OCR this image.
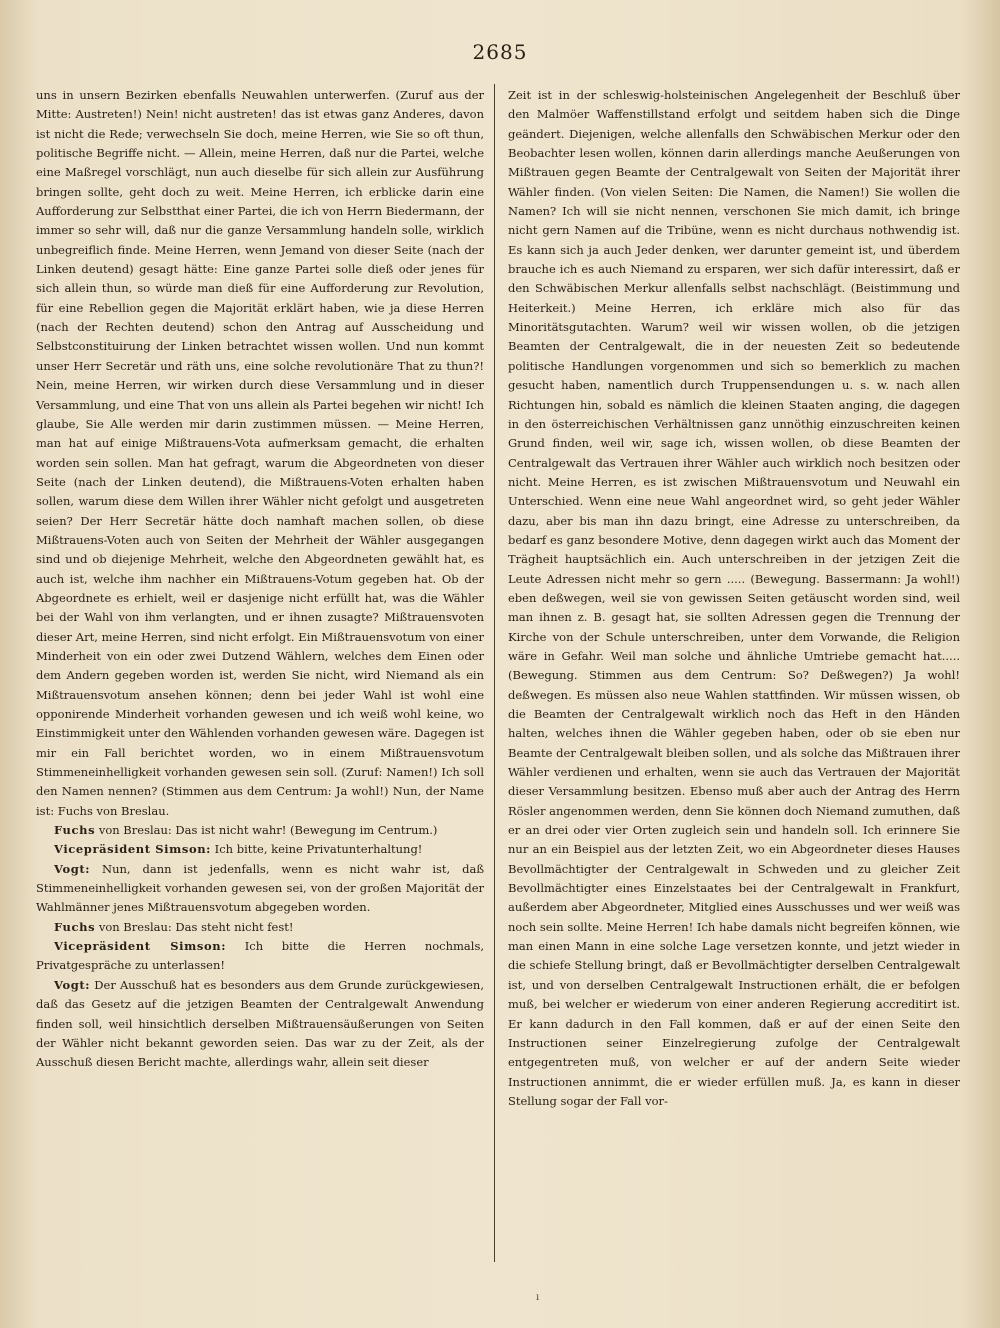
2685

uns in unsern Bezirken ebenfalls Neuwahlen unterwerfen. (Zuruf aus der Mitte: Austreten!) Nein! nicht austreten! das ist etwas ganz Anderes, davon ist nicht die Rede; verwechseln Sie doch, meine Herren, wie Sie so oft thun, politische Begriffe nicht. — Allein, meine Herren, daß nur die Partei, welche eine Maßregel vorschlägt, nun auch dieselbe für sich allein zur Ausführung bringen sollte, geht doch zu weit. Meine Herren, ich erblicke darin eine Aufforderung zur Selbstthat einer Partei, die ich von Herrn Biedermann, der immer so sehr will, daß nur die ganze Versammlung handeln solle, wirklich unbegreiflich finde. Meine Herren, wenn Jemand von dieser Seite (nach der Linken deutend) gesagt hätte: Eine ganze Partei solle dieß oder jenes für sich allein thun, so würde man dieß für eine Aufforderung zur Revolution, für eine Rebellion gegen die Majorität erklärt haben, wie ja diese Herren (nach der Rechten deutend) schon den Antrag auf Ausscheidung und Selbstconstituirung der Linken betrachtet wissen wollen. Und nun kommt unser Herr Secretär und räth uns, eine solche revolutionäre That zu thun?! Nein, meine Herren, wir wirken durch diese Versammlung und in dieser Versammlung, und eine That von uns allein als Partei begehen wir nicht! Ich glaube, Sie Alle werden mir darin zustimmen müssen. — Meine Herren, man hat auf einige Mißtrauens-Vota aufmerksam gemacht, die erhalten worden sein sollen. Man hat gefragt, warum die Abgeordneten von dieser Seite (nach der Linken deutend), die Mißtrauens-Voten erhalten haben sollen, warum diese dem Willen ihrer Wähler nicht gefolgt und ausgetreten seien? Der Herr Secretär hätte doch namhaft machen sollen, ob diese Mißtrauens-Voten auch von Seiten der Mehrheit der Wähler ausgegangen sind und ob diejenige Mehrheit, welche den Abgeordneten gewählt hat, es auch ist, welche ihm nachher ein Mißtrauens-Votum gegeben hat. Ob der Abgeordnete es erhielt, weil er dasjenige nicht erfüllt hat, was die Wähler bei der Wahl von ihm verlangten, und er ihnen zusagte? Mißtrauensvoten dieser Art, meine Herren, sind nicht erfolgt. Ein Mißtrauensvotum von einer Minderheit von ein oder zwei Dutzend Wählern, welches dem Einen oder dem Andern gegeben worden ist, werden Sie nicht, wird Niemand als ein Mißtrauensvotum ansehen können; denn bei jeder Wahl ist wohl eine opponirende Minderheit vorhanden gewesen und ich weiß wohl keine, wo Einstimmigkeit unter den Wählenden vorhanden gewesen wäre. Dagegen ist mir ein Fall berichtet worden, wo in einem Mißtrauensvotum Stimmeneinhelligkeit vorhanden gewesen sein soll. (Zuruf: Namen!) Ich soll den Namen nennen? (Stimmen aus dem Centrum: Ja wohl!) Nun, der Name ist: Fuchs von Breslau.

Fuchs von Breslau: Das ist nicht wahr! (Bewegung im Centrum.)

Vicepräsident Simson: Ich bitte, keine Privatunterhaltung!

Vogt: Nun, dann ist jedenfalls, wenn es nicht wahr ist, daß Stimmeneinhelligkeit vorhanden gewesen sei, von der großen Majorität der Wahlmänner jenes Mißtrauensvotum abgegeben worden.

Fuchs von Breslau: Das steht nicht fest!

Vicepräsident Simson: Ich bitte die Herren nochmals, Privatgespräche zu unterlassen!

Vogt: Der Ausschuß hat es besonders aus dem Grunde zurückgewiesen, daß das Gesetz auf die jetzigen Beamten der Centralgewalt Anwendung finden soll, weil hinsichtlich derselben Mißtrauensäußerungen von Seiten der Wähler nicht bekannt geworden seien. Das war zu der Zeit, als der Ausschuß diesen Bericht machte, allerdings wahr, allein seit dieser

Zeit ist in der schleswig-holsteinischen Angelegenheit der Beschluß über den Malmöer Waffenstillstand erfolgt und seitdem haben sich die Dinge geändert. Diejenigen, welche allenfalls den Schwäbischen Merkur oder den Beobachter lesen wollen, können darin allerdings manche Aeußerungen von Mißtrauen gegen Beamte der Centralgewalt von Seiten der Majorität ihrer Wähler finden. (Von vielen Seiten: Die Namen, die Namen!) Sie wollen die Namen? Ich will sie nicht nennen, verschonen Sie mich damit, ich bringe nicht gern Namen auf die Tribüne, wenn es nicht durchaus nothwendig ist. Es kann sich ja auch Jeder denken, wer darunter gemeint ist, und überdem brauche ich es auch Niemand zu ersparen, wer sich dafür interessirt, daß er den Schwäbischen Merkur allenfalls selbst nachschlägt. (Beistimmung und Heiterkeit.) Meine Herren, ich erkläre mich also für das Minoritätsgutachten. Warum? weil wir wissen wollen, ob die jetzigen Beamten der Centralgewalt, die in der neuesten Zeit so bedeutende politische Handlungen vorgenommen und sich so bemerklich zu machen gesucht haben, namentlich durch Truppensendungen u. s. w. nach allen Richtungen hin, sobald es nämlich die kleinen Staaten anging, die dagegen in den österreichischen Verhältnissen ganz unnöthig einzuschreiten keinen Grund finden, weil wir, sage ich, wissen wollen, ob diese Beamten der Centralgewalt das Vertrauen ihrer Wähler auch wirklich noch besitzen oder nicht. Meine Herren, es ist zwischen Mißtrauensvotum und Neuwahl ein Unterschied. Wenn eine neue Wahl angeordnet wird, so geht jeder Wähler dazu, aber bis man ihn dazu bringt, eine Adresse zu unterschreiben, da bedarf es ganz besondere Motive, denn dagegen wirkt auch das Moment der Trägheit hauptsächlich ein. Auch unterschreiben in der jetzigen Zeit die Leute Adressen nicht mehr so gern ..... (Bewegung. Bassermann: Ja wohl!) eben deßwegen, weil sie von gewissen Seiten getäuscht worden sind, weil man ihnen z. B. gesagt hat, sie sollten Adressen gegen die Trennung der Kirche von der Schule unterschreiben, unter dem Vorwande, die Religion wäre in Gefahr. Weil man solche und ähnliche Umtriebe gemacht hat..... (Bewegung. Stimmen aus dem Centrum: So? Deßwegen?) Ja wohl! deßwegen. Es müssen also neue Wahlen stattfinden. Wir müssen wissen, ob die Beamten der Centralgewalt wirklich noch das Heft in den Händen halten, welches ihnen die Wähler gegeben haben, oder ob sie eben nur Beamte der Centralgewalt bleiben sollen, und als solche das Mißtrauen ihrer Wähler verdienen und erhalten, wenn sie auch das Vertrauen der Majorität dieser Versammlung besitzen. Ebenso muß aber auch der Antrag des Herrn Rösler angenommen werden, denn Sie können doch Niemand zumuthen, daß er an drei oder vier Orten zugleich sein und handeln soll. Ich erinnere Sie nur an ein Beispiel aus der letzten Zeit, wo ein Abgeordneter dieses Hauses Bevollmächtigter der Centralgewalt in Schweden und zu gleicher Zeit Bevollmächtigter eines Einzelstaates bei der Centralgewalt in Frankfurt, außerdem aber Abgeordneter, Mitglied eines Ausschusses und wer weiß was noch sein sollte. Meine Herren! Ich habe damals nicht begreifen können, wie man einen Mann in eine solche Lage versetzen konnte, und jetzt wieder in die schiefe Stellung bringt, daß er Bevollmächtigter derselben Centralgewalt ist, und von derselben Centralgewalt Instructionen erhält, die er befolgen muß, bei welcher er wiederum von einer anderen Regierung accreditirt ist. Er kann dadurch in den Fall kommen, daß er auf der einen Seite den Instructionen seiner Einzelregierung zufolge der Centralgewalt entgegentreten muß, von welcher er auf der andern Seite wieder Instructionen annimmt, die er wieder erfüllen muß. Ja, es kann in dieser Stellung sogar der Fall vor-

ı
